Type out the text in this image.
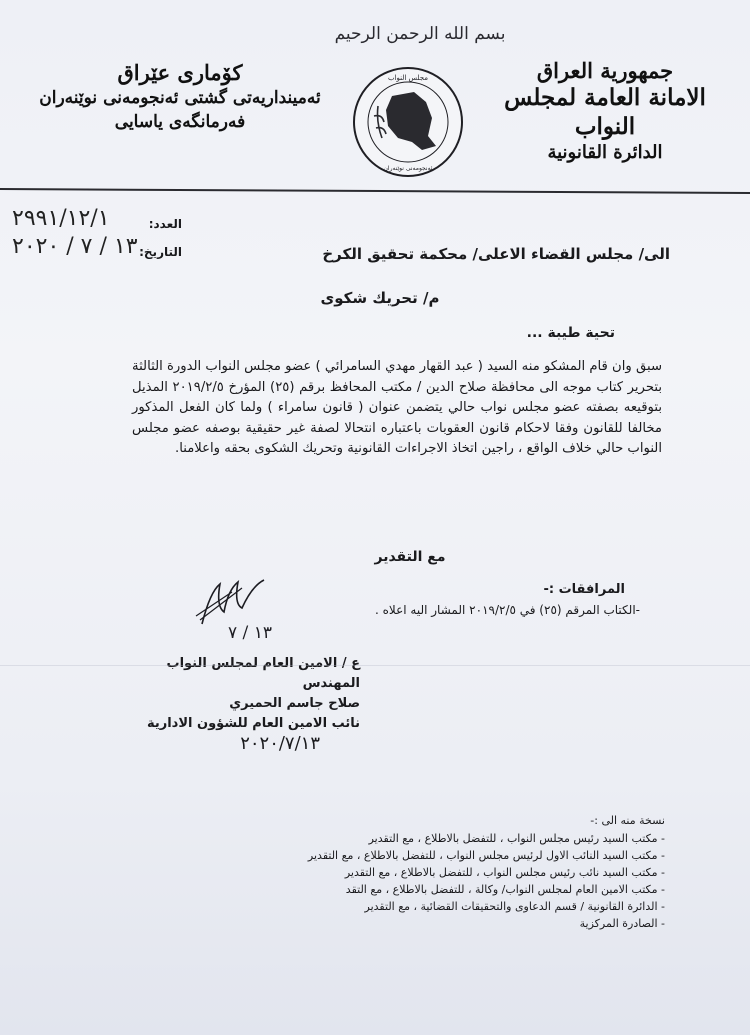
بسم الله الرحمن الرحيم
جمهورية العراق
الامانة العامة لمجلس النواب
الدائرة القانونية
كۆماری عێراق
ئەمینداریەتی گشتی ئەنجومەنی نوێنەران
فەرمانگەی یاسایی
مجلس النواب
ئەنجومەنی نوێنەران
العدد:
٢٩٩١/١٢/١
التاريخ:
١٣ / ٧ / ٢٠٢٠	الى/ مجلس القضاء الاعلى/ محكمة تحقيق الكرخ
م/ تحريك شكوى
تحية طيبة ...
سبق وان قام المشكو منه السيد ( عبد القهار مهدي السامرائي ) عضو مجلس النواب الدورة الثالثة بتحرير كتاب موجه الى محافظة صلاح الدين / مكتب المحافظ برقم (٢٥) المؤرخ ٢٠١٩/٢/٥ المذيل بتوقيعه بصفته عضو مجلس نواب حالي يتضمن عنوان ( قانون سامراء ) ولما كان الفعل المذكور مخالفا للقانون وفقا لاحكام قانون العقوبات باعتباره انتحالا لصفة غير حقيقية بوصفه عضو مجلس النواب حالي خلاف الواقع ، راجين اتخاذ الاجراءات القانونية وتحريك الشكوى بحقه واعلامنا.
مع التقدير
المرافقات :-
-الكتاب المرقم (٢٥) في ٢٠١٩/٢/٥ المشار اليه اعلاه .
١٣ / ٧
ع / الامين العام لمجلس النواب
المهندس
صلاح جاسم الحميري
نائب الامين العام للشؤون الادارية
٢٠٢٠/٧/١٣
نسخة منه الى :-
- مكتب السيد رئيس مجلس النواب ، للتفضل بالاطلاع ، مع التقدير
- مكتب السيد النائب الاول لرئيس مجلس النواب ، للتفضل بالاطلاع ، مع التقدير
- مكتب السيد نائب رئيس مجلس النواب ، للتفضل بالاطلاع ، مع التقدير
- مكتب الامين العام لمجلس النواب/ وكالة ، للتفضل بالاطلاع ، مع التقد
- الدائرة القانونية / قسم الدعاوى والتحقيقات القضائية ، مع التقدير
- الصادرة المركزية
